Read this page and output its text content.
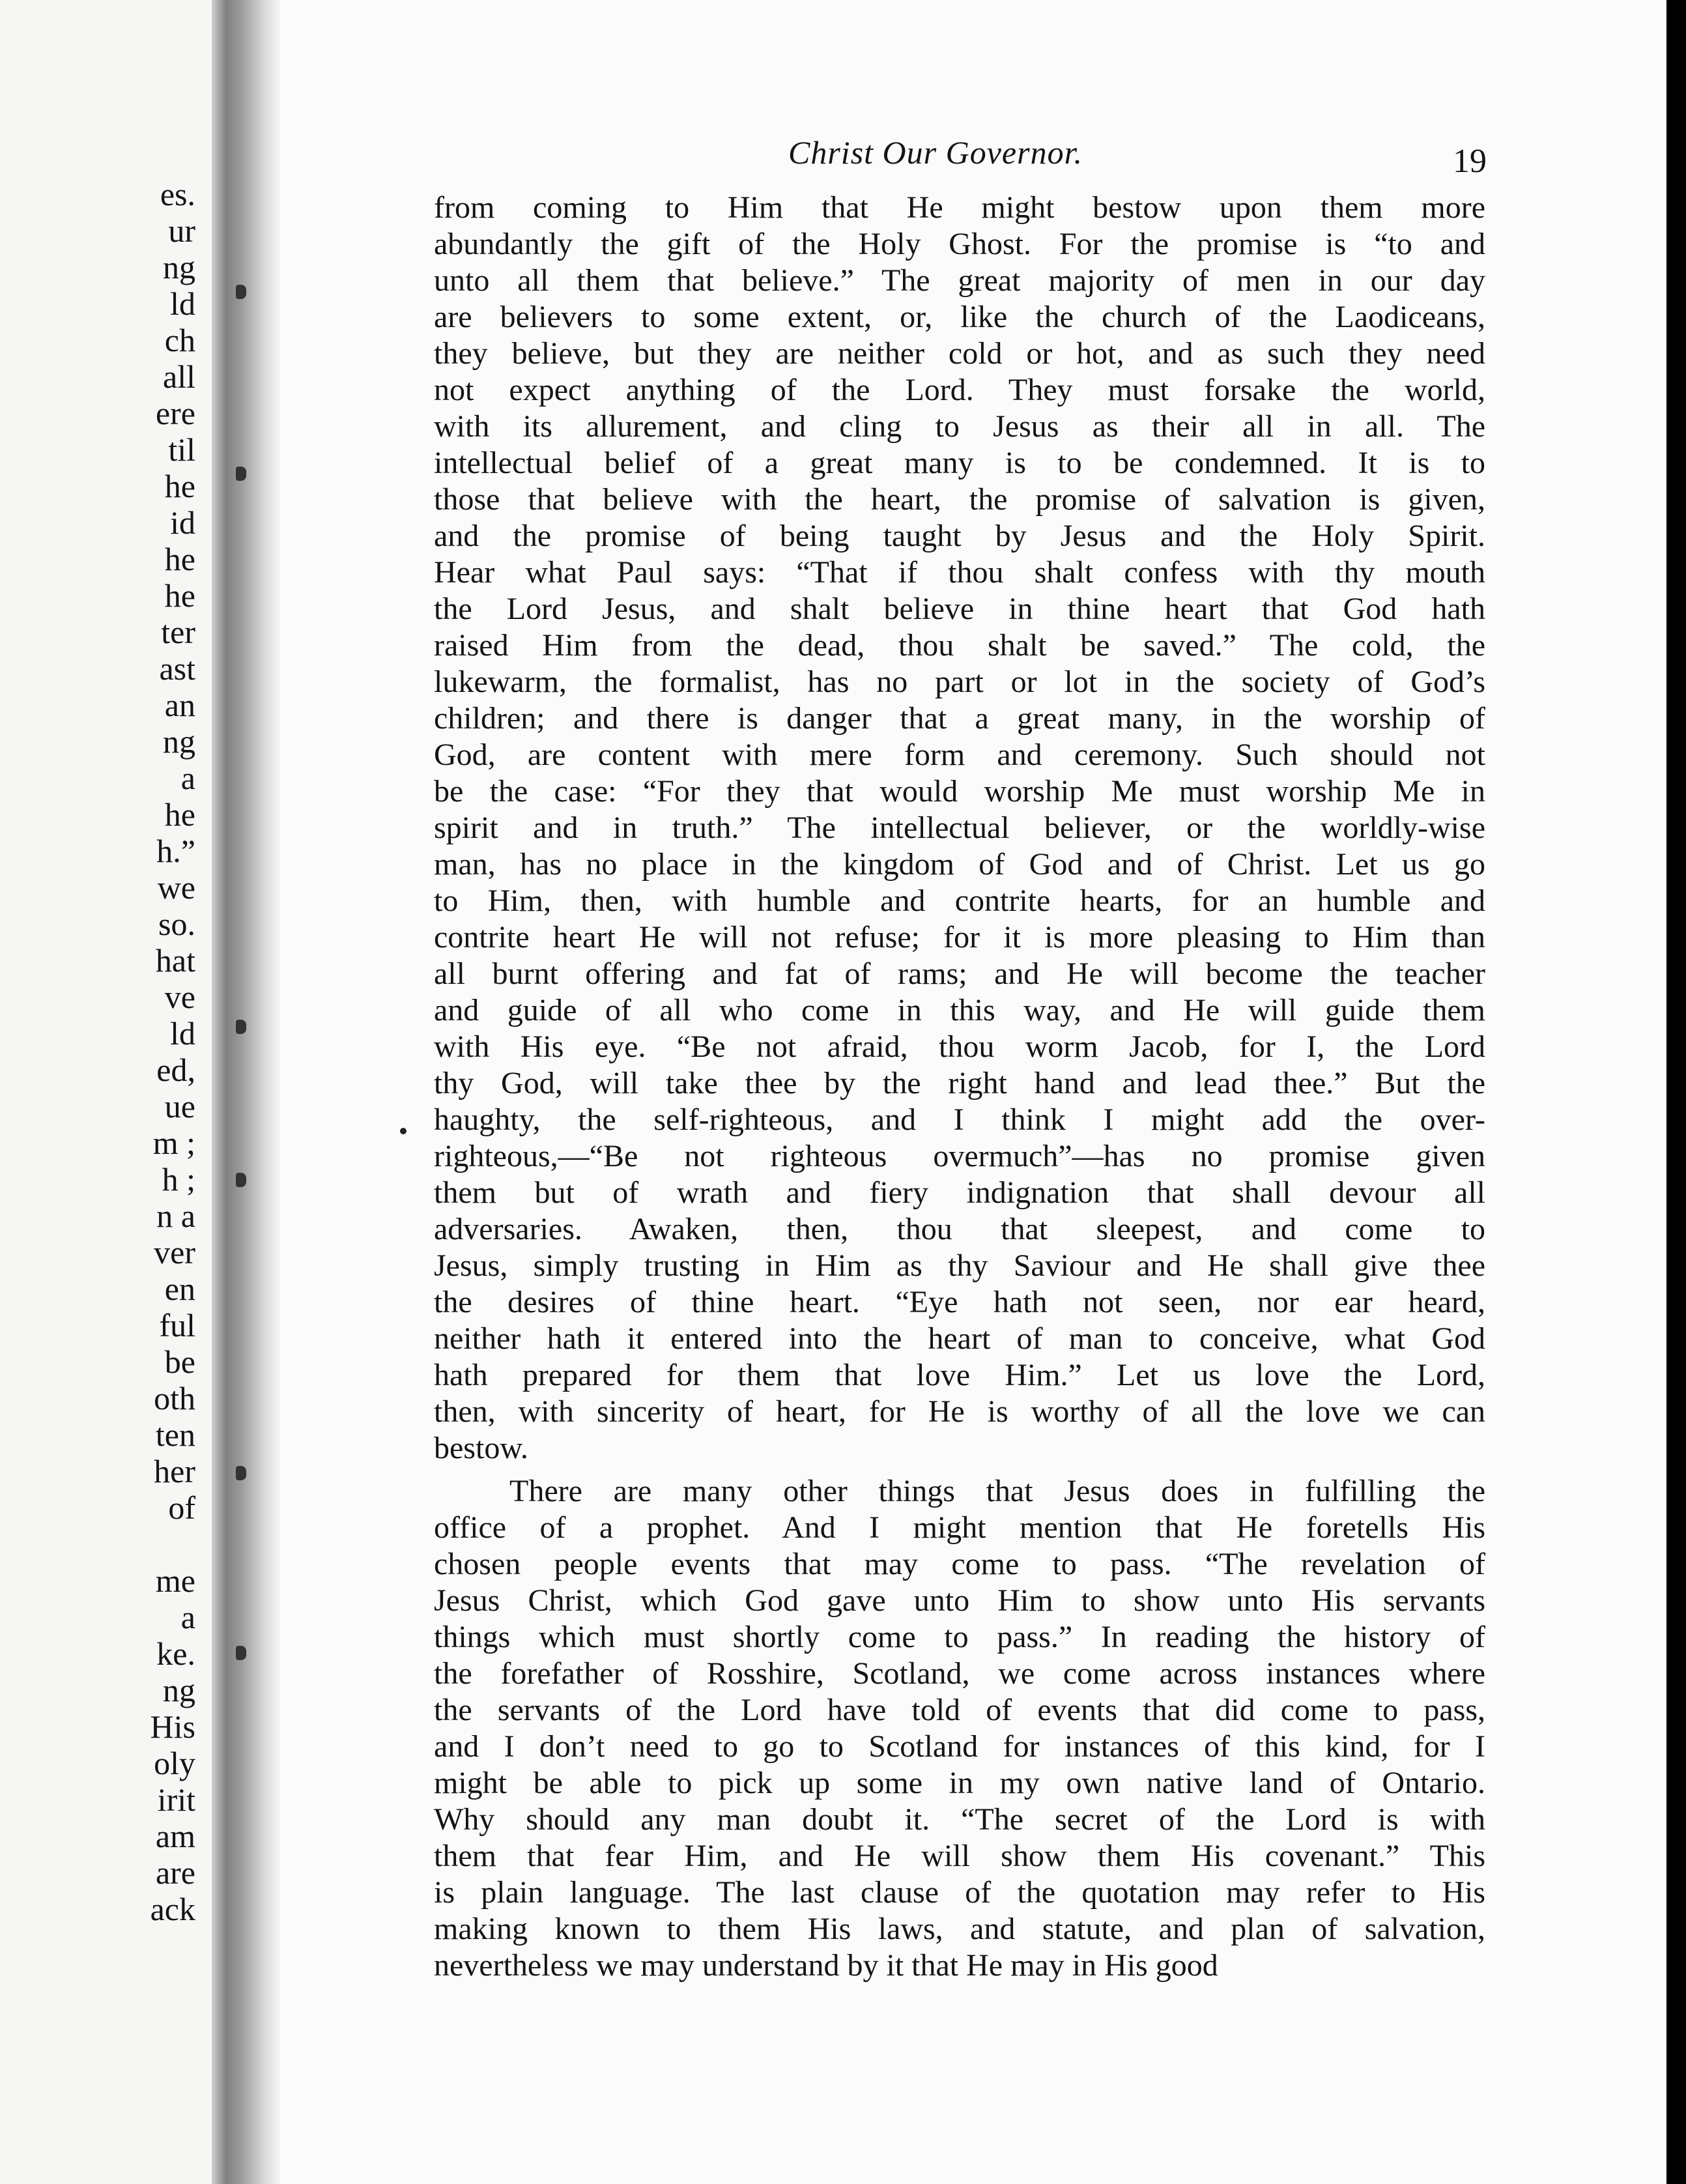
es.
ur
ng
ld
ch
all
ere
til
he
id
he
he
ter
ast
an
ng
a
he
h.”
we
so.
hat
ve
ld
ed,
ue
m ;
h ;
n a
ver
en
ful
be
oth
ten
her
of
me
a
ke.
ng
His
oly
irit
am
are
ack
Christ Our Governor.	19
from coming to Him that He might bestow upon them more
abundantly the gift of the Holy Ghost. For the promise is “to and
unto all them that believe.” The great majority of men in our day
are believers to some extent, or, like the church of the Laodiceans,
they believe, but they are neither cold or hot, and as such they need
not expect anything of the Lord. They must forsake the world,
with its allurement, and cling to Jesus as their all in all. The
intellectual belief of a great many is to be condemned. It is to
those that believe with the heart, the promise of salvation is given,
and the promise of being taught by Jesus and the Holy Spirit.
Hear what Paul says: “That if thou shalt confess with thy mouth
the Lord Jesus, and shalt believe in thine heart that God hath
raised Him from the dead, thou shalt be saved.” The cold, the
lukewarm, the formalist, has no part or lot in the society of God’s
children; and there is danger that a great many, in the worship of
God, are content with mere form and ceremony. Such should not
be the case: “For they that would worship Me must worship Me in
spirit and in truth.” The intellectual believer, or the worldly-wise
man, has no place in the kingdom of God and of Christ. Let us go
to Him, then, with humble and contrite hearts, for an humble and
contrite heart He will not refuse; for it is more pleasing to Him than
all burnt offering and fat of rams; and He will become the teacher
and guide of all who come in this way, and He will guide them
with His eye. “Be not afraid, thou worm Jacob, for I, the Lord
thy God, will take thee by the right hand and lead thee.” But the
haughty, the self-righteous, and I think I might add the over-
righteous,—“Be not righteous overmuch”—has no promise given
them but of wrath and fiery indignation that shall devour all
adversaries. Awaken, then, thou that sleepest, and come to
Jesus, simply trusting in Him as thy Saviour and He shall give thee
the desires of thine heart. “Eye hath not seen, nor ear heard,
neither hath it entered into the heart of man to conceive, what God
hath prepared for them that love Him.” Let us love the Lord,
then, with sincerity of heart, for He is worthy of all the love we can
bestow.
There are many other things that Jesus does in fulfilling the
office of a prophet. And I might mention that He foretells His
chosen people events that may come to pass. “The revelation of
Jesus Christ, which God gave unto Him to show unto His servants
things which must shortly come to pass.” In reading the history of
the forefather of Rosshire, Scotland, we come across instances where
the servants of the Lord have told of events that did come to pass,
and I don’t need to go to Scotland for instances of this kind, for I
might be able to pick up some in my own native land of Ontario.
Why should any man doubt it. “The secret of the Lord is with
them that fear Him, and He will show them His covenant.” This
is plain language. The last clause of the quotation may refer to His
making known to them His laws, and statute, and plan of salvation,
nevertheless we may understand by it that He may in His good
